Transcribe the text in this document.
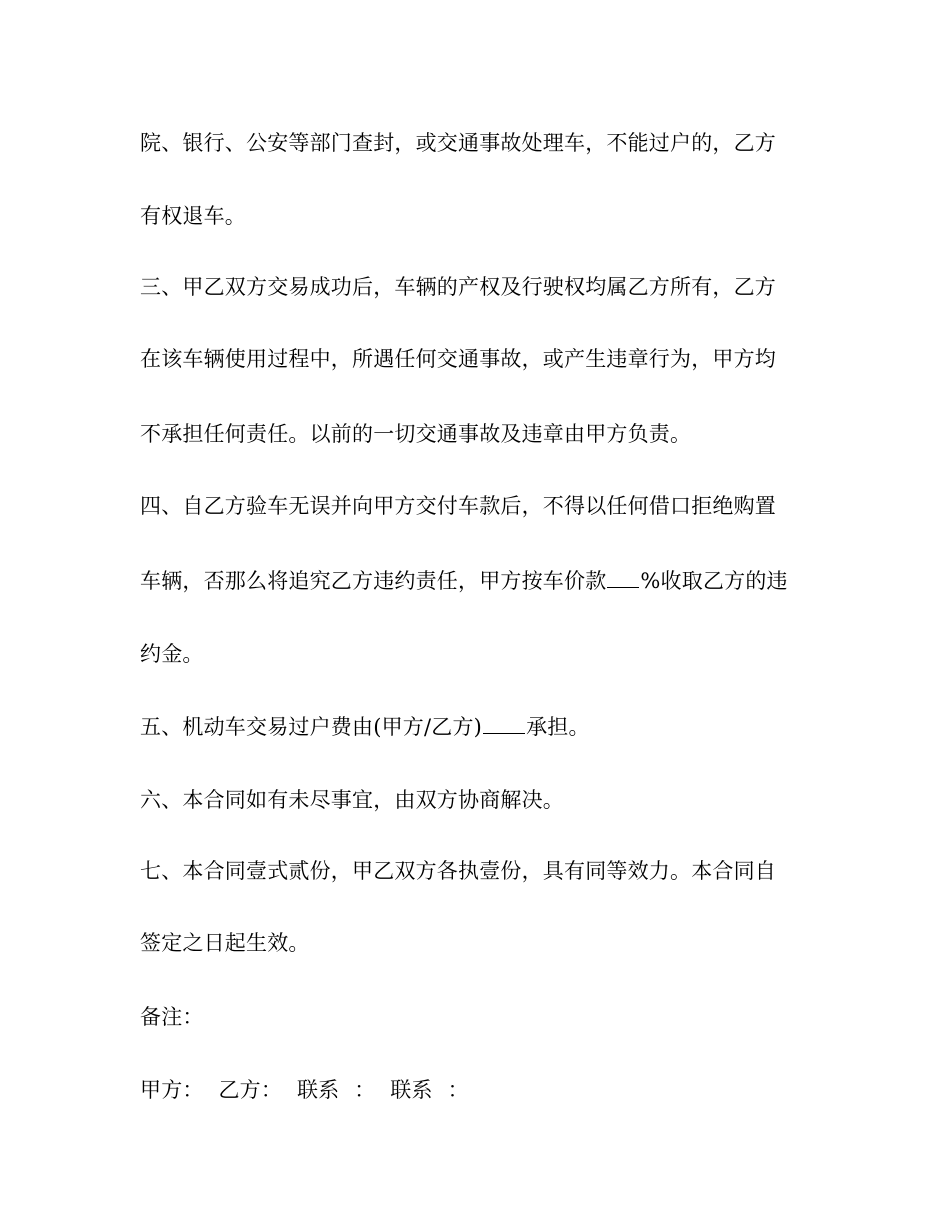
院、银行、公安等部门查封，或交通事故处理车，不能过户的，乙方
有权退车。
三、甲乙双方交易成功后，车辆的产权及行驶权均属乙方所有，乙方
在该车辆使用过程中，所遇任何交通事故，或产生违章行为，甲方均
不承担任何责任。以前的一切交通事故及违章由甲方负责。
四、自乙方验车无误并向甲方交付车款后，不得以任何借口拒绝购置
车辆，否那么将追究乙方违约责任，甲方按车价款 %收取乙方的违
约金。
五、机动车交易过户费由(甲方/乙方) 承担。
六、本合同如有未尽事宜，由双方协商解决。
七、本合同壹式贰份，甲乙双方各执壹份，具有同等效力。本合同自
签定之日起生效。
备注：
甲方： 乙方： 联系 ： 联系 ：
